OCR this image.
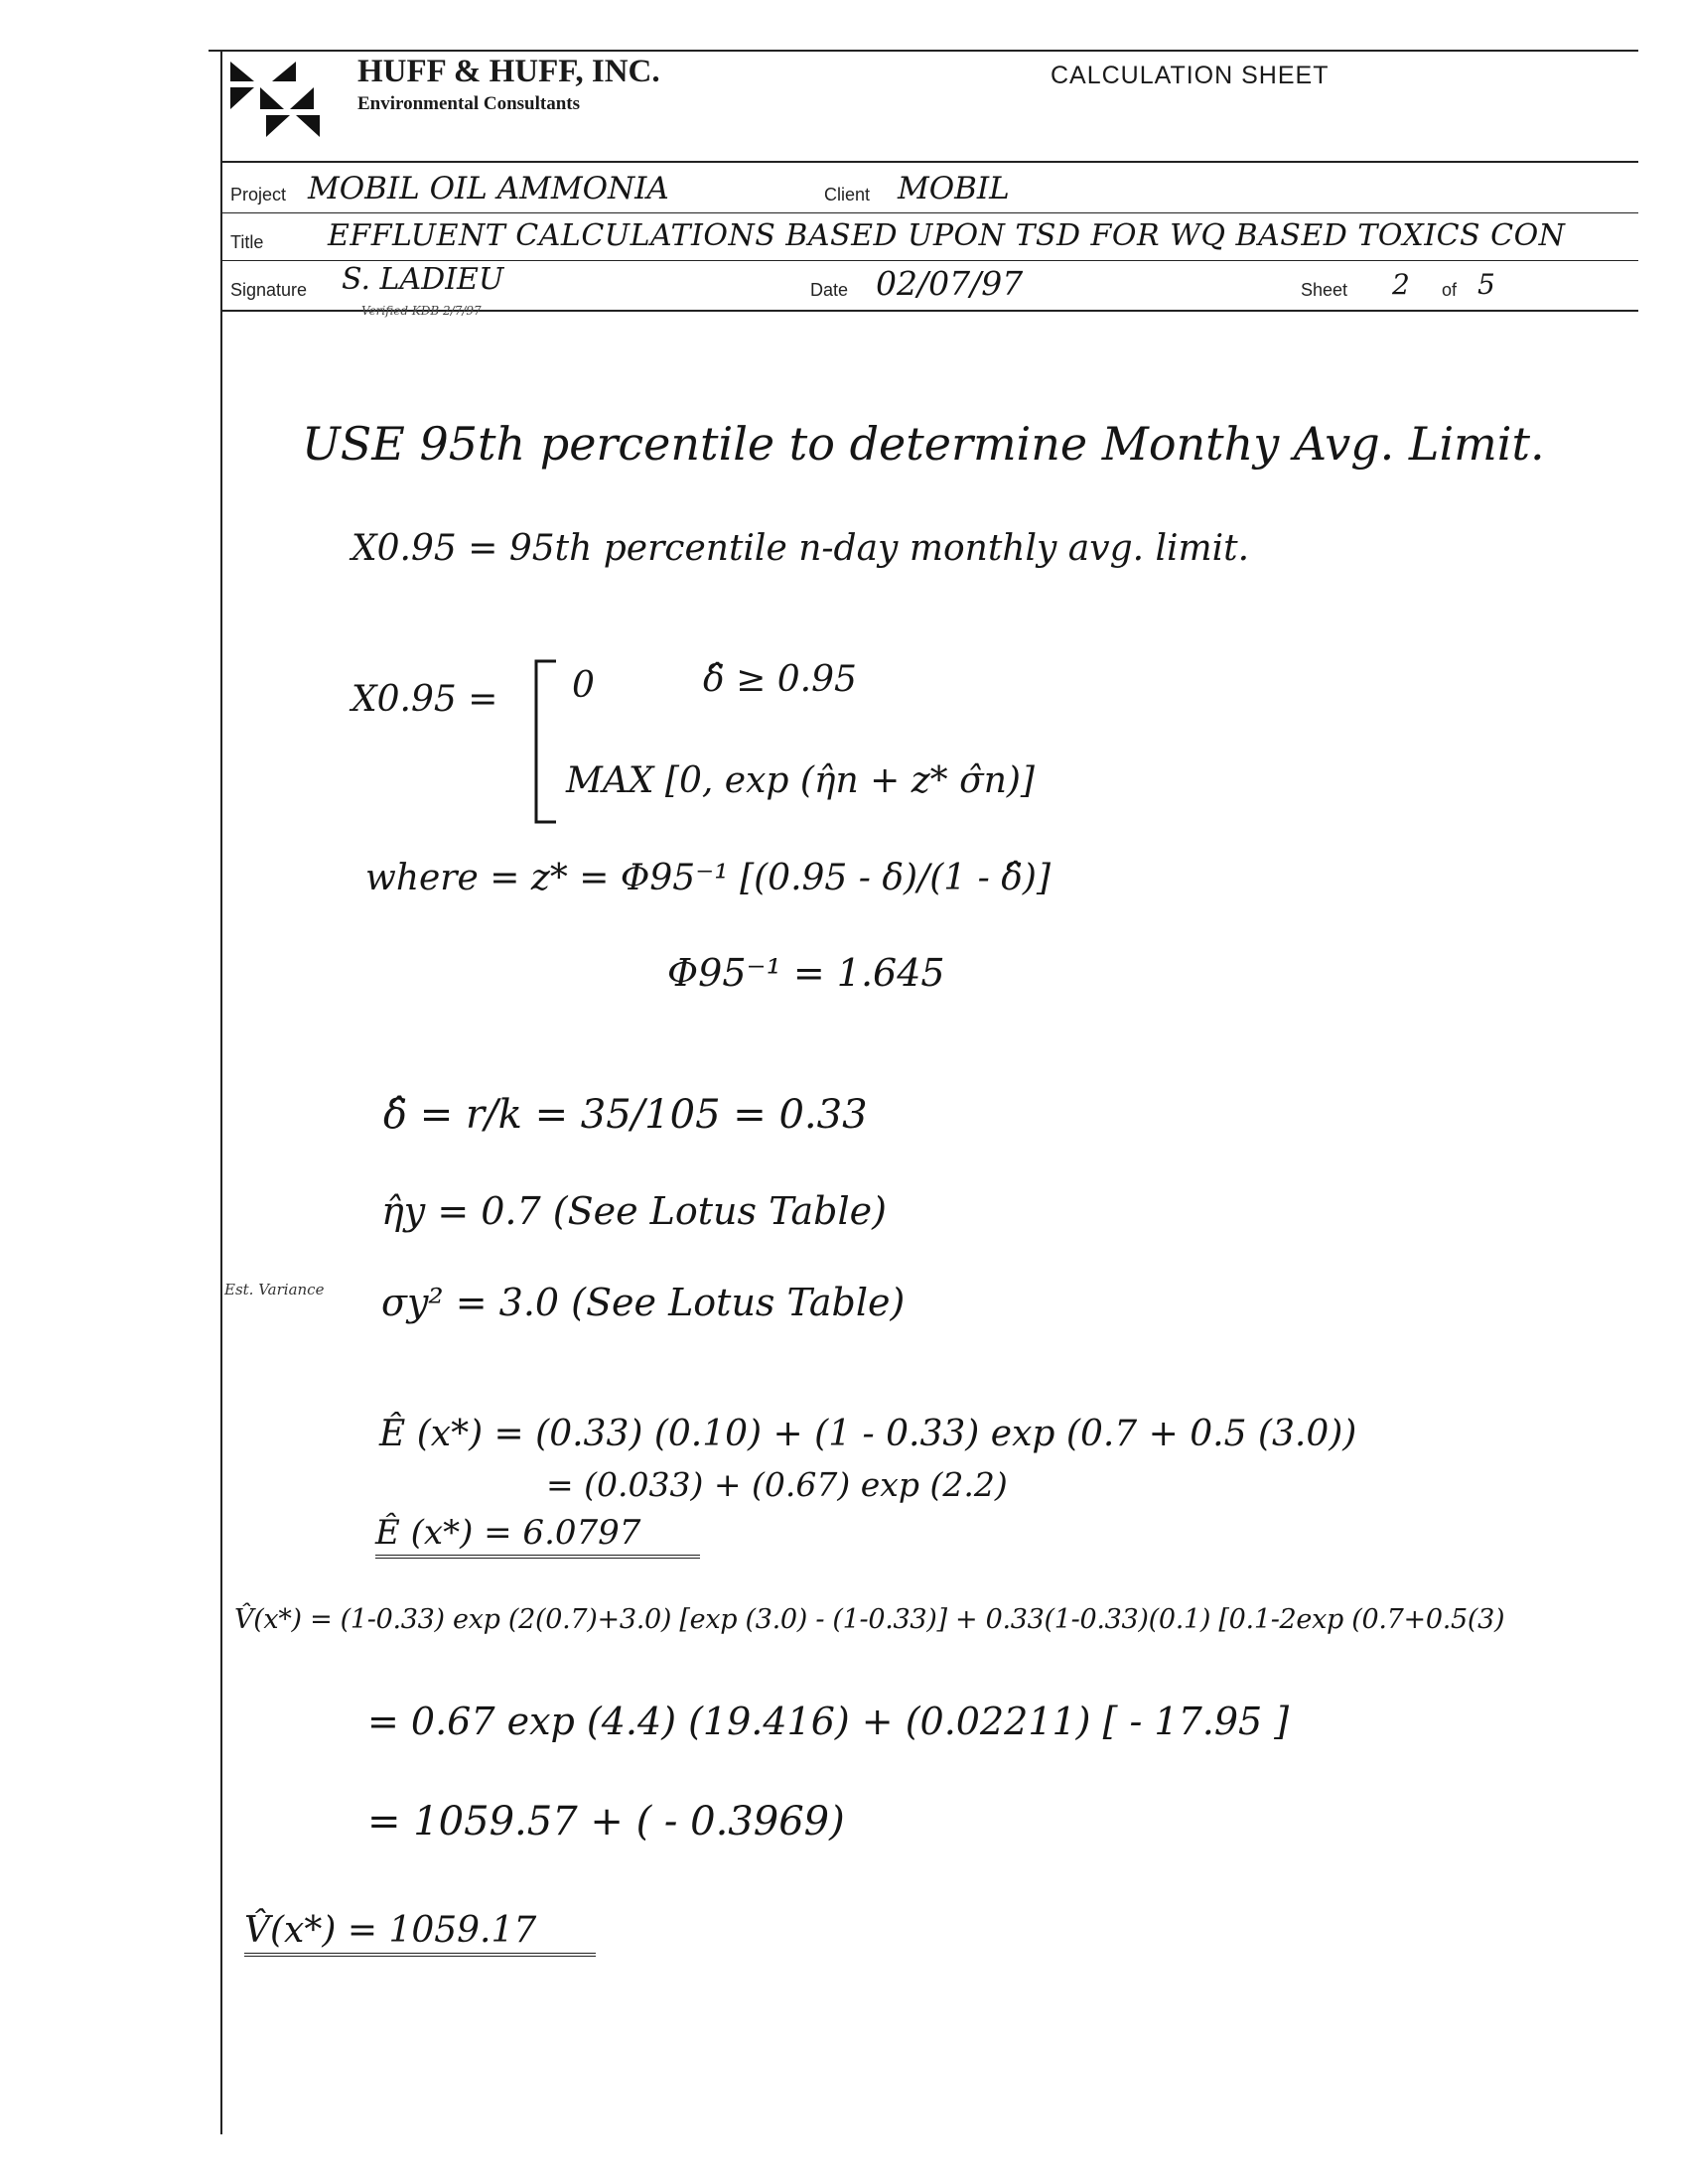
HUFF & HUFF, INC.
Environmental Consultants
CALCULATION SHEET
Project MOBIL OIL AMMONIA	Client MOBIL
Title EFFLUENT CALCULATIONS BASED UPON TSD FOR WQ BASED TOXICS CON
Signature S. LADIEU
Verified KDB 2/7/97
Date 02/07/97	Sheet 2 of 5
USE 95th percentile to determine Monthy Avg. Limit.
X0.95 = 95th percentile n-day monthly avg. limit.
X0.95 = 0	δ̂ ≥ 0.95
MAX [0, exp (η̂n + z* σ̂n)]
where = z* = Φ95⁻¹ [(0.95 - δ)/(1 - δ̂)]
Φ95⁻¹ = 1.645
δ̂ = r/k = 35/105 = 0.33
η̂y = 0.7 (See Lotus Table)
Est. Variance σy² = 3.0 (See Lotus Table)
Ê (x*) = (0.33) (0.10) + (1 - 0.33) exp (0.7 + 0.5 (3.0))
= (0.033) + (0.67) exp (2.2)
Ê (x*) = 6.0797
V̂(x*) = (1-0.33) exp (2(0.7)+3.0) [exp (3.0) - (1-0.33)] + 0.33(1-0.33)(0.1) [0.1-2exp (0.7+0.5(3)
= 0.67 exp (4.4) (19.416) + (0.02211) [ - 17.95 ]
= 1059.57 + ( - 0.3969)
V̂(x*) = 1059.17
